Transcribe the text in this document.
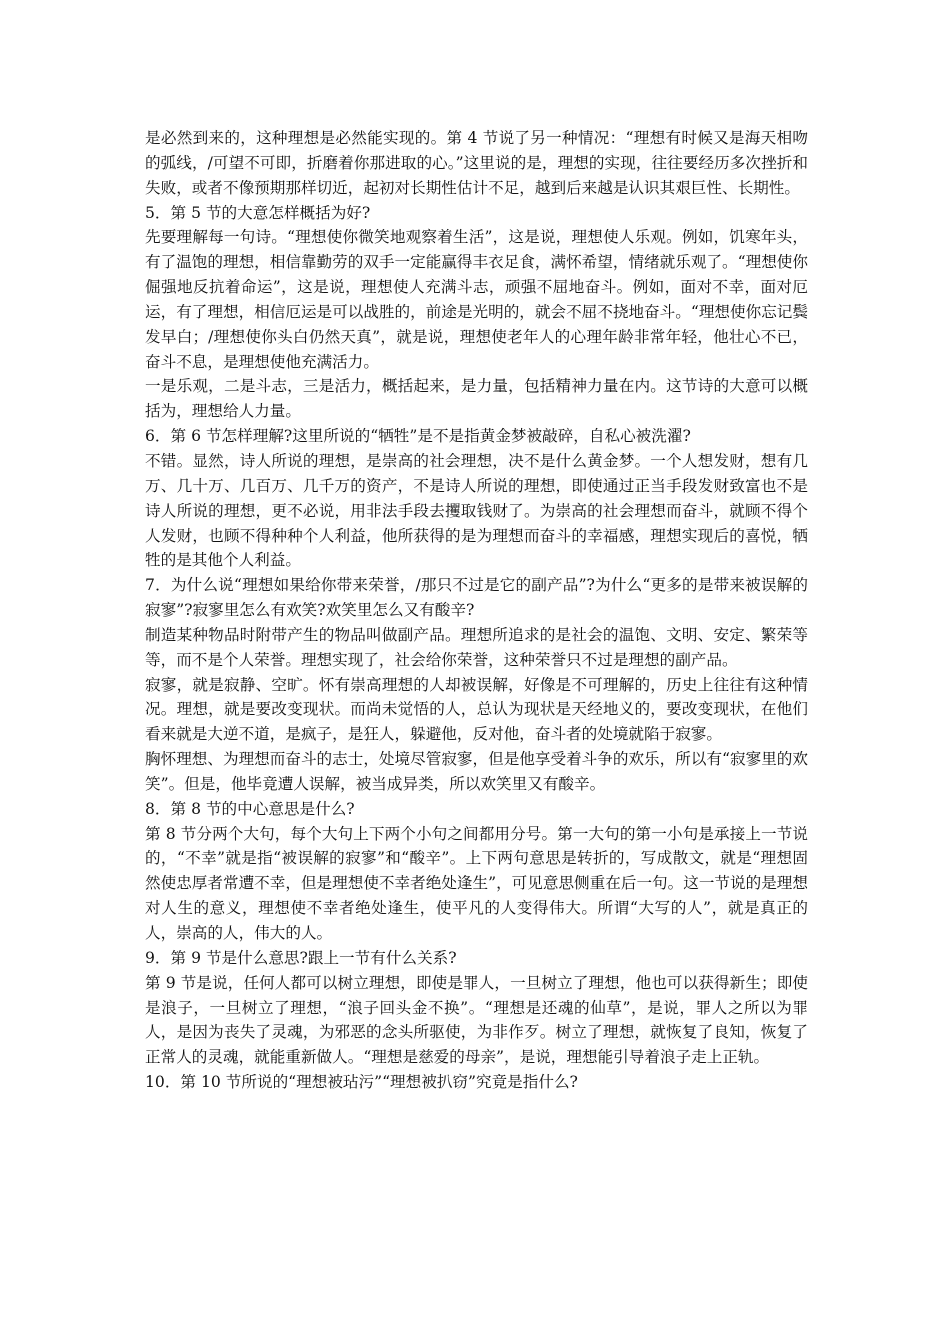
是必然到来的，这种理想是必然能实现的。第 4 节说了另一种情况：“理想有时候又是海天相吻的弧线，/可望不可即，折磨着你那进取的心。”这里说的是，理想的实现，往往要经历多次挫折和失败，或者不像预期那样切近，起初对长期性估计不足，越到后来越是认识其艰巨性、长期性。

5．第 5 节的大意怎样概括为好?

先要理解每一句诗。“理想使你微笑地观察着生活”，这是说，理想使人乐观。例如，饥寒年头，有了温饱的理想，相信靠勤劳的双手一定能赢得丰衣足食，满怀希望，情绪就乐观了。“理想使你倔强地反抗着命运”，这是说，理想使人充满斗志，顽强不屈地奋斗。例如，面对不幸，面对厄运，有了理想，相信厄运是可以战胜的，前途是光明的，就会不屈不挠地奋斗。“理想使你忘记鬓发早白；/理想使你头白仍然天真”，就是说，理想使老年人的心理年龄非常年轻，他壮心不已，奋斗不息，是理想使他充满活力。

一是乐观，二是斗志，三是活力，概括起来，是力量，包括精神力量在内。这节诗的大意可以概括为，理想给人力量。

6．第 6 节怎样理解?这里所说的“牺牲”是不是指黄金梦被敲碎，自私心被洗濯?

不错。显然，诗人所说的理想，是崇高的社会理想，决不是什么黄金梦。一个人想发财，想有几万、几十万、几百万、几千万的资产，不是诗人所说的理想，即使通过正当手段发财致富也不是诗人所说的理想，更不必说，用非法手段去攫取钱财了。为崇高的社会理想而奋斗，就顾不得个人发财，也顾不得种种个人利益，他所获得的是为理想而奋斗的幸福感，理想实现后的喜悦，牺牲的是其他个人利益。

7．为什么说“理想如果给你带来荣誉，/那只不过是它的副产品”?为什么“更多的是带来被误解的寂寥”?寂寥里怎么有欢笑?欢笑里怎么又有酸辛?

制造某种物品时附带产生的物品叫做副产品。理想所追求的是社会的温饱、文明、安定、繁荣等等，而不是个人荣誉。理想实现了，社会给你荣誉，这种荣誉只不过是理想的副产品。

寂寥，就是寂静、空旷。怀有崇高理想的人却被误解，好像是不可理解的，历史上往往有这种情况。理想，就是要改变现状。而尚未觉悟的人，总认为现状是天经地义的，要改变现状，在他们看来就是大逆不道，是疯子，是狂人，躲避他，反对他，奋斗者的处境就陷于寂寥。

胸怀理想、为理想而奋斗的志士，处境尽管寂寥，但是他享受着斗争的欢乐，所以有“寂寥里的欢笑”。但是，他毕竟遭人误解，被当成异类，所以欢笑里又有酸辛。

8．第 8 节的中心意思是什么?

第 8 节分两个大句，每个大句上下两个小句之间都用分号。第一大句的第一小句是承接上一节说的，“不幸”就是指“被误解的寂寥”和“酸辛”。上下两句意思是转折的，写成散文，就是“理想固然使忠厚者常遭不幸，但是理想使不幸者绝处逢生”，可见意思侧重在后一句。这一节说的是理想对人生的意义，理想使不幸者绝处逢生，使平凡的人变得伟大。所谓“大写的人”，就是真正的人，崇高的人，伟大的人。

9．第 9 节是什么意思?跟上一节有什么关系?

第 9 节是说，任何人都可以树立理想，即使是罪人，一旦树立了理想，他也可以获得新生；即使是浪子，一旦树立了理想，“浪子回头金不换”。“理想是还魂的仙草”，是说，罪人之所以为罪人，是因为丧失了灵魂，为邪恶的念头所驱使，为非作歹。树立了理想，就恢复了良知，恢复了正常人的灵魂，就能重新做人。“理想是慈爱的母亲”，是说，理想能引导着浪子走上正轨。

10．第 10 节所说的“理想被玷污”“理想被扒窃”究竟是指什么?
